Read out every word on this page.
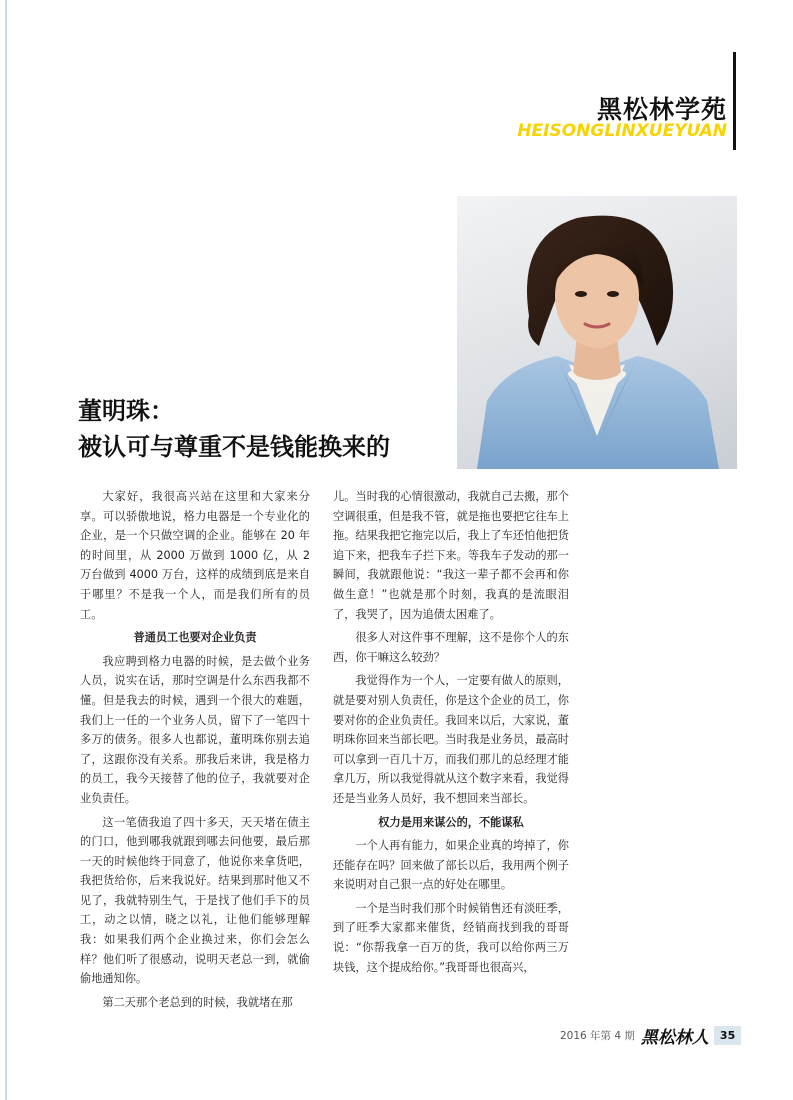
黑松林学苑
HEISONGLINXUEYUAN
董明珠：
被认可与尊重不是钱能换来的

大家好，我很高兴站在这里和大家来分享。可以骄傲地说，格力电器是一个专业化的企业，是一个只做空调的企业。能够在 20 年的时间里，从 2000 万做到 1000 亿，从 2 万台做到 4000 万台，这样的成绩到底是来自于哪里？不是我一个人，而是我们所有的员工。

普通员工也要对企业负责

我应聘到格力电器的时候，是去做个业务人员，说实在话，那时空调是什么东西我都不懂。但是我去的时候，遇到一个很大的难题，我们上一任的一个业务人员，留下了一笔四十多万的债务。很多人也都说，董明珠你别去追了，这跟你没有关系。那我后来讲，我是格力的员工，我今天接替了他的位子，我就要对企业负责任。

这一笔债我追了四十多天，天天堵在债主的门口，他到哪我就跟到哪去问他要，最后那一天的时候他终于同意了，他说你来拿货吧，我把货给你，后来我说好。结果到那时他又不见了，我就特别生气，于是找了他们手下的员工，动之以情，晓之以礼，让他们能够理解我：如果我们两个企业换过来，你们会怎么样？他们听了很感动，说明天老总一到，就偷偷地通知你。

第二天那个老总到的时候，我就堵在那

儿。当时我的心情很激动，我就自己去搬，那个空调很重，但是我不管，就是拖也要把它往车上拖。结果我把它拖完以后，我上了车还怕他把货追下来，把我车子拦下来。等我车子发动的那一瞬间，我就跟他说：“我这一辈子都不会再和你做生意！”也就是那个时刻，我真的是流眼泪了，我哭了，因为追债太困难了。

很多人对这件事不理解，这不是你个人的东西，你干嘛这么较劲？

我觉得作为一个人，一定要有做人的原则，就是要对别人负责任，你是这个企业的员工，你要对你的企业负责任。我回来以后，大家说，董明珠你回来当部长吧。当时我是业务员，最高时可以拿到一百几十万，而我们那儿的总经理才能拿几万，所以我觉得就从这个数字来看，我觉得还是当业务人员好，我不想回来当部长。

权力是用来谋公的，不能谋私

一个人再有能力，如果企业真的垮掉了，你还能存在吗？回来做了部长以后，我用两个例子来说明对自己狠一点的好处在哪里。

一个是当时我们那个时候销售还有淡旺季，到了旺季大家都来催货，经销商找到我的哥哥说：“你帮我拿一百万的货，我可以给你两三万块钱，这个提成给你。”我哥哥也很高兴，

2016 年第 4 期 黑松林人	35
